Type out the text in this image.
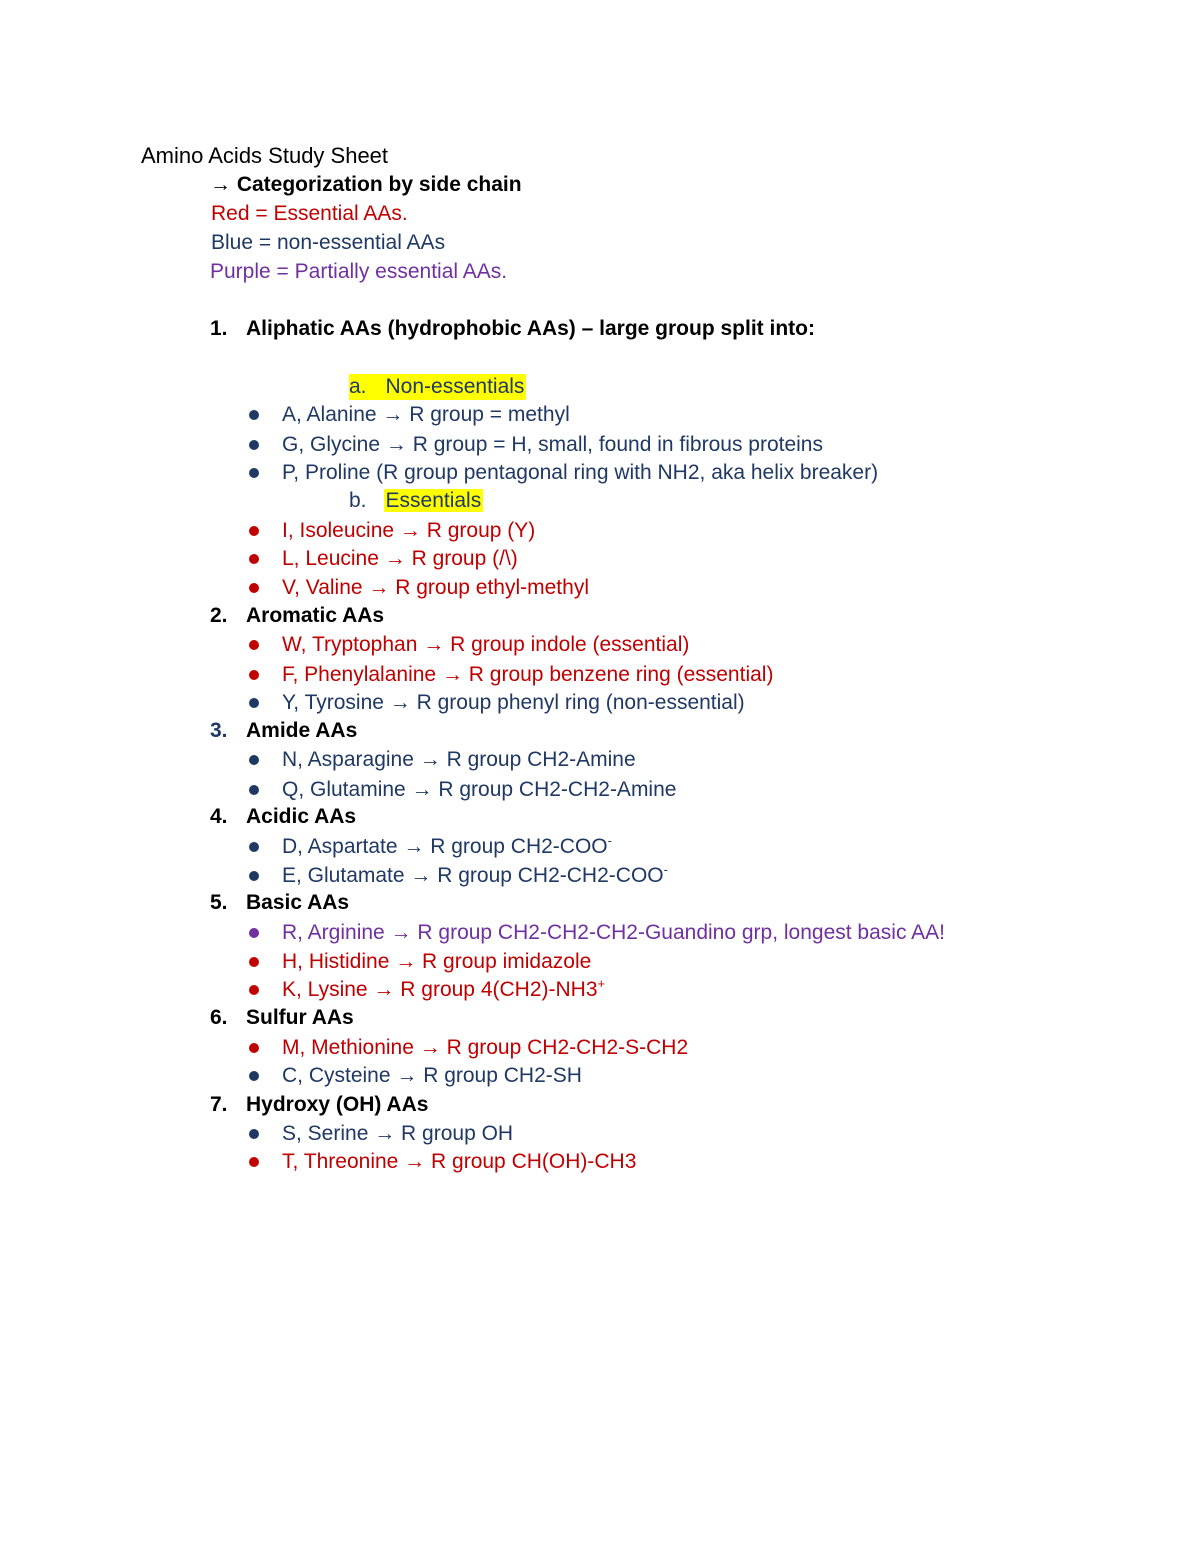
Amino Acids Study Sheet
→ Categorization by side chain
Red = Essential AAs.
Blue = non-essential AAs
Purple = Partially essential AAs.
1. Aliphatic AAs (hydrophobic AAs) – large group split into:
a. Non-essentials
A, Alanine → R group = methyl
G, Glycine → R group = H, small, found in fibrous proteins
P, Proline (R group pentagonal ring with NH2, aka helix breaker)
b. Essentials
I, Isoleucine → R group (Y)
L, Leucine → R group (/\)
V, Valine → R group ethyl-methyl
2. Aromatic AAs
W, Tryptophan → R group indole (essential)
F, Phenylalanine → R group benzene ring (essential)
Y, Tyrosine → R group phenyl ring (non-essential)
3. Amide AAs
N, Asparagine → R group CH2-Amine
Q, Glutamine → R group CH2-CH2-Amine
4. Acidic AAs
D, Aspartate → R group CH2-COO-
E, Glutamate → R group CH2-CH2-COO-
5. Basic AAs
R, Arginine → R group CH2-CH2-CH2-Guandino grp, longest basic AA!
H, Histidine → R group imidazole
K, Lysine → R group 4(CH2)-NH3+
6. Sulfur AAs
M, Methionine → R group CH2-CH2-S-CH2
C, Cysteine → R group CH2-SH
7. Hydroxy (OH) AAs
S, Serine → R group OH
T, Threonine → R group CH(OH)-CH3
